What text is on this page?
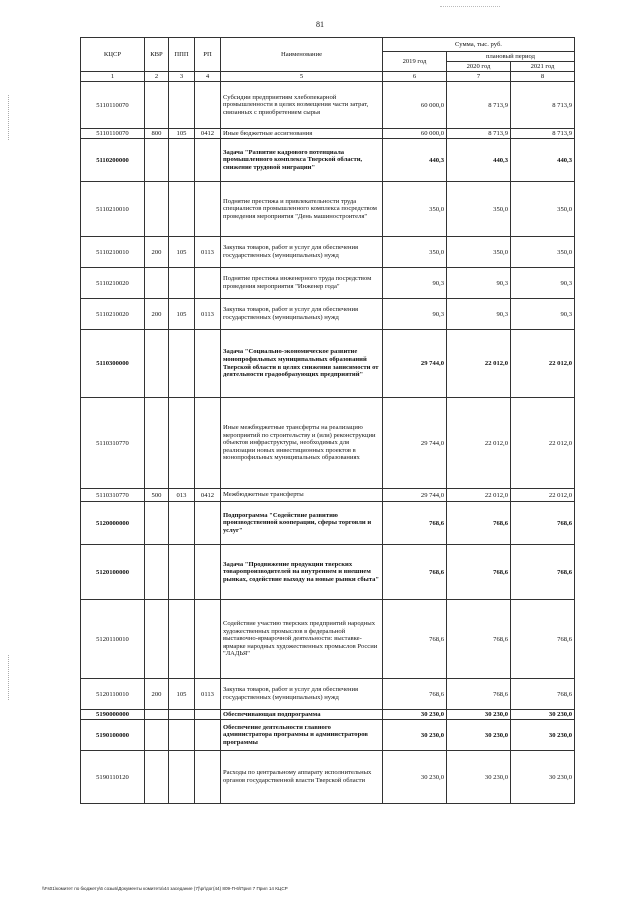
81
КЦСР	КВР	ППП	РП	Наименование	Сумма, тыс. руб.		
					2019 год	плановый период	
						2020 год	2021 год
1	2	3	4	5	6	7	8
5110110070				Субсидии предприятиям хлебопекарной промышленности в целях возмещения части затрат, связанных с приобретением сырья	60 000,0	8 713,9	8 713,9
5110110070	800	105	0412	Иные бюджетные ассигнования	60 000,0	8 713,9	8 713,9
5110200000				Задача "Развитие кадрового потенциала промышленного комплекса Тверской области, снижение трудовой миграции"	440,3	440,3	440,3
5110210010				Поднятие престижа и привлекательности труда специалистов промышленного комплекса посредством проведения мероприятия "День машиностроителя"	350,0	350,0	350,0
5110210010	200	105	0113	Закупка товаров, работ и услуг для обеспечения государственных (муниципальных) нужд	350,0	350,0	350,0
5110210020				Поднятие престижа инженерного труда посредством проведения мероприятия "Инженер года"	90,3	90,3	90,3
5110210020	200	105	0113	Закупка товаров, работ и услуг для обеспечения государственных (муниципальных) нужд	90,3	90,3	90,3
5110300000				Задача "Социально-экономическое развитие монопрофильных муниципальных образований Тверской области в целях снижения зависимости от деятельности градообразующих предприятий"	29 744,0	22 012,0	22 012,0
5110310770				Иные межбюджетные трансферты на реализацию мероприятий по строительству и (или) реконструкции объектов инфраструктуры, необходимых для реализации новых инвестиционных проектов в монопрофильных муниципальных образованиях	29 744,0	22 012,0	22 012,0
5110310770	500	013	0412	Межбюджетные трансферты	29 744,0	22 012,0	22 012,0
5120000000				Подпрограмма "Содействие развитию производственной кооперации, сферы торговли и услуг"	768,6	768,6	768,6
5120100000				Задача "Продвижение продукции тверских товаропроизводителей на внутреннем и внешнем рынках, содействие выходу на новые рынки сбыта"	768,6	768,6	768,6
5120110010				Содействие участию тверских предприятий народных художественных промыслов в федеральной выставочно-ярмарочной деятельности: выставке-ярмарке народных художественных промыслов России "ЛАДЬЯ"	768,6	768,6	768,6
5120110010	200	105	0113	Закупка товаров, работ и услуг для обеспечения государственных (муниципальных) нужд	768,6	768,6	768,6
5190000000				Обеспечивающая подпрограмма	30 230,0	30 230,0	30 230,0
5190100000				Обеспечение деятельности главного администратора программы и администраторов программы	30 230,0	30 230,0	30 230,0
5190110120				Расходы по центральному аппарату исполнительных органов государственной власти Тверской области	30 230,0	30 230,0	30 230,0
\\Fs01\комитет по бюджету\6 созыв\Документы комитета\44 заседание (7)\pr\дог(44) 809-П-6\Прил 7 Прил 14 КЦСР
